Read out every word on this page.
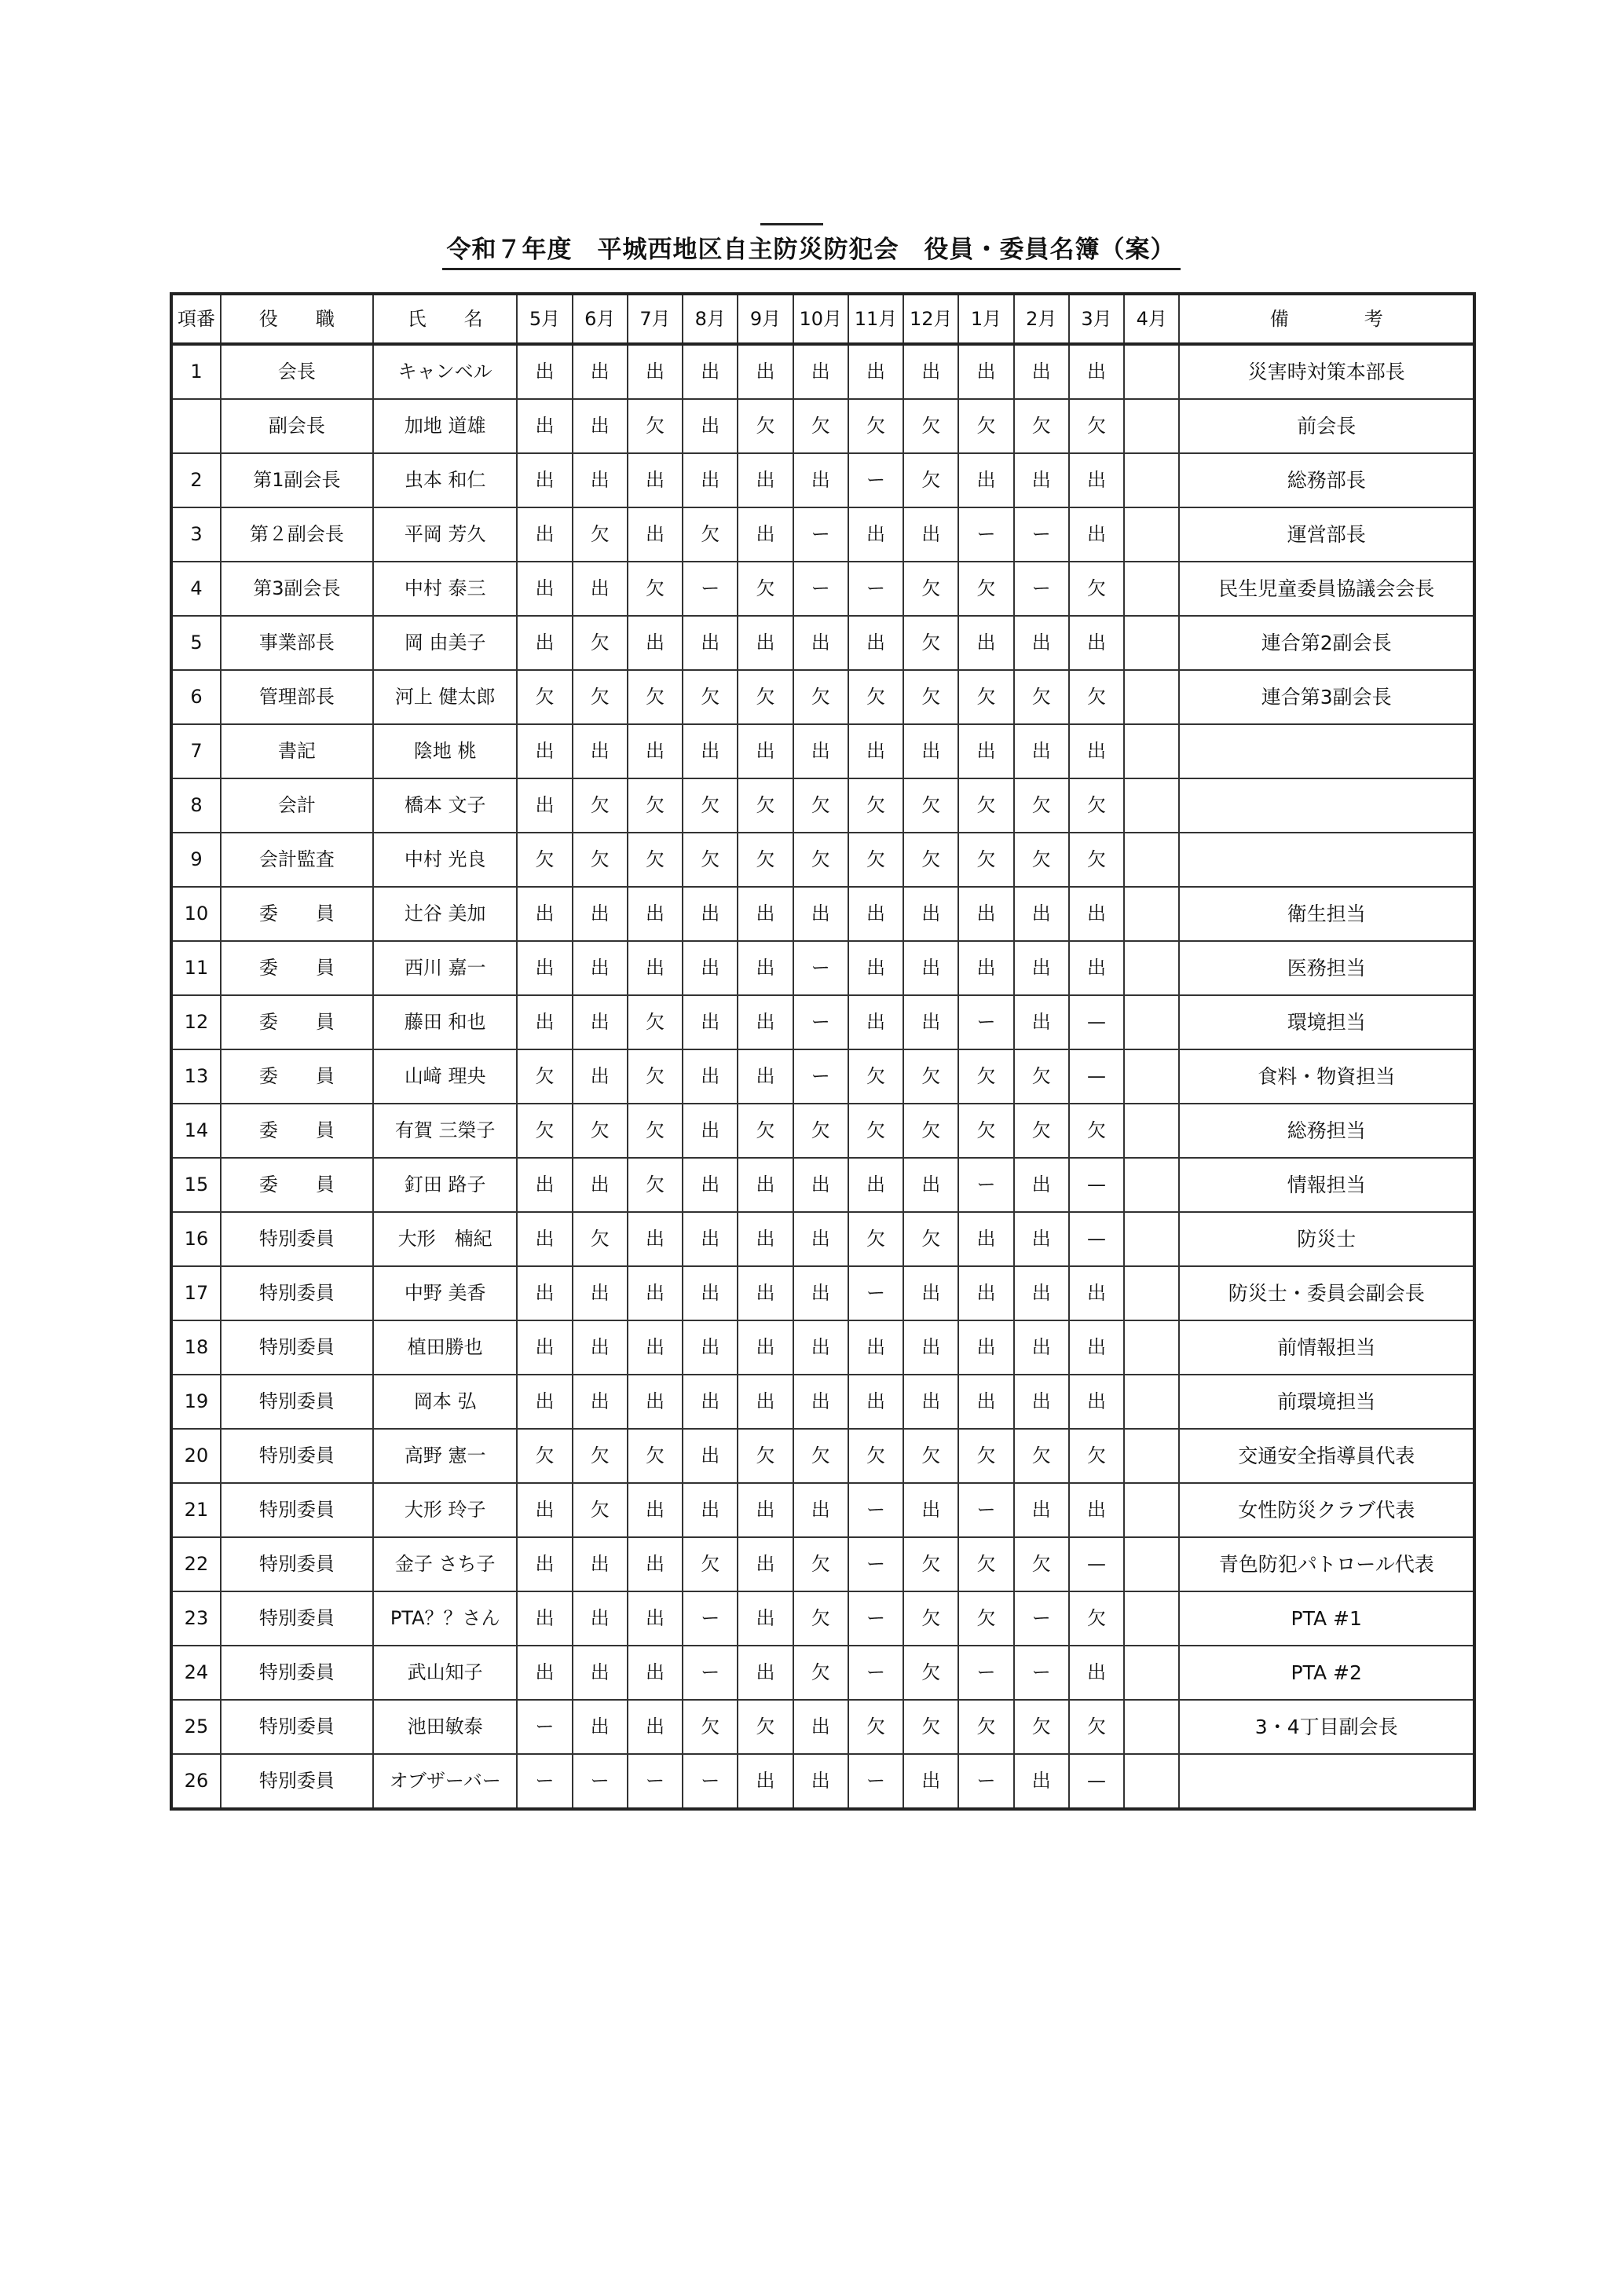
令和７年度　平城西地区自主防災防犯会　役員・委員名簿（案）
項番	役　　職	氏　　名	5月	6月	7月	8月	9月	10月	11月	12月	1月	2月	3月	4月	備　　　　考
1	会長	キャンベル	出	出	出	出	出	出	出	出	出	出	出		災害時対策本部長
	副会長	加地 道雄	出	出	欠	出	欠	欠	欠	欠	欠	欠	欠		前会長
2	第1副会長	虫本 和仁	出	出	出	出	出	出	ー	欠	出	出	出		総務部長
3	第２副会長	平岡 芳久	出	欠	出	欠	出	ー	出	出	ー	ー	出		運営部長
4	第3副会長	中村 泰三	出	出	欠	ー	欠	ー	ー	欠	欠	ー	欠		民生児童委員協議会会長
5	事業部長	岡 由美子	出	欠	出	出	出	出	出	欠	出	出	出		連合第2副会長
6	管理部長	河上 健太郎	欠	欠	欠	欠	欠	欠	欠	欠	欠	欠	欠		連合第3副会長
7	書記	陰地 桃	出	出	出	出	出	出	出	出	出	出	出		
8	会計	橋本 文子	出	欠	欠	欠	欠	欠	欠	欠	欠	欠	欠		
9	会計監査	中村 光良	欠	欠	欠	欠	欠	欠	欠	欠	欠	欠	欠		
10	委　　員	辻谷 美加	出	出	出	出	出	出	出	出	出	出	出		衛生担当
11	委　　員	西川 嘉一	出	出	出	出	出	ー	出	出	出	出	出		医務担当
12	委　　員	藤田 和也	出	出	欠	出	出	ー	出	出	ー	出	—		環境担当
13	委　　員	山﨑 理央	欠	出	欠	出	出	ー	欠	欠	欠	欠	—		食料・物資担当
14	委　　員	有賀 三榮子	欠	欠	欠	出	欠	欠	欠	欠	欠	欠	欠		総務担当
15	委　　員	釘田 路子	出	出	欠	出	出	出	出	出	ー	出	—		情報担当
16	特別委員	大形　楠紀	出	欠	出	出	出	出	欠	欠	出	出	—		防災士
17	特別委員	中野 美香	出	出	出	出	出	出	ー	出	出	出	出		防災士・委員会副会長
18	特別委員	植田勝也	出	出	出	出	出	出	出	出	出	出	出		前情報担当
19	特別委員	岡本 弘	出	出	出	出	出	出	出	出	出	出	出		前環境担当
20	特別委員	高野 憲一	欠	欠	欠	出	欠	欠	欠	欠	欠	欠	欠		交通安全指導員代表
21	特別委員	大形 玲子	出	欠	出	出	出	出	ー	出	ー	出	出		女性防災クラブ代表
22	特別委員	金子 さち子	出	出	出	欠	出	欠	ー	欠	欠	欠	—		青色防犯パトロール代表
23	特別委員	PTA？？さん	出	出	出	ー	出	欠	ー	欠	欠	ー	欠		PTA #1
24	特別委員	武山知子	出	出	出	ー	出	欠	ー	欠	ー	ー	出		PTA #2
25	特別委員	池田敏泰	ー	出	出	欠	欠	出	欠	欠	欠	欠	欠		3・4丁目副会長
26	特別委員	オブザーバー	ー	ー	ー	ー	出	出	ー	出	ー	出	—		
